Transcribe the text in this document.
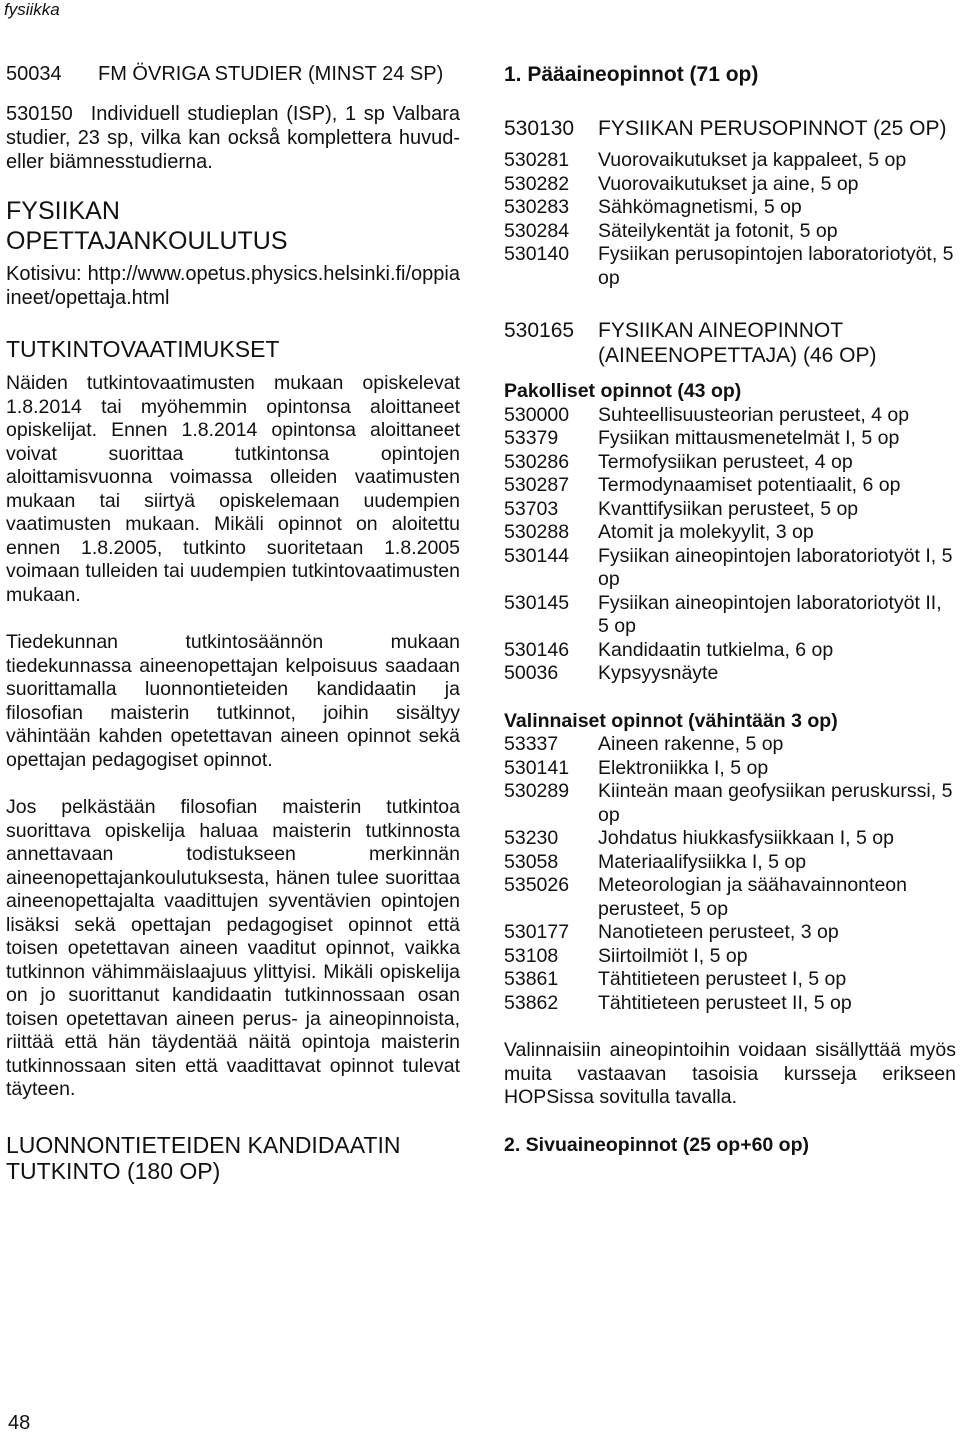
fysiikka
50034	FM ÖVRIGA STUDIER (MINST 24 SP)

530150 Individuell studieplan (ISP), 1 sp Valbara studier, 23 sp, vilka kan också komplettera huvud- eller biämnesstudierna.

FYSIIKAN OPETTAJANKOULUTUS

Kotisivu: http://www.opetus.physics.helsinki.fi/oppiaineet/opettaja.html

TUTKINTOVAATIMUKSET

Näiden tutkintovaatimusten mukaan opiskelevat 1.8.2014 tai myöhemmin opintonsa aloittaneet opiskelijat. Ennen 1.8.2014 opintonsa aloittaneet voivat suorittaa tutkintonsa opintojen aloittamisvuonna voimassa olleiden vaatimusten mukaan tai siirtyä opiskelemaan uudempien vaatimusten mukaan. Mikäli opinnot on aloitettu ennen 1.8.2005, tutkinto suoritetaan 1.8.2005 voimaan tulleiden tai uudempien tutkintovaatimusten mukaan.

Tiedekunnan tutkintosäännön mukaan tiedekunnassa aineenopettajan kelpoisuus saadaan suorittamalla luonnontieteiden kandidaatin ja filosofian maisterin tutkinnot, joihin sisältyy vähintään kahden opetettavan aineen opinnot sekä opettajan pedagogiset opinnot.

Jos pelkästään filosofian maisterin tutkintoa suorittava opiskelija haluaa maisterin tutkinnosta annettavaan todistukseen merkinnän aineenopettajankoulutuksesta, hänen tulee suorittaa aineenopettajalta vaadittujen syventävien opintojen lisäksi sekä opettajan pedagogiset opinnot että toisen opetettavan aineen vaaditut opinnot, vaikka tutkinnon vähimmäislaajuus ylittyisi. Mikäli opiskelija on jo suorittanut kandidaatin tutkinnossaan osan toisen opetettavan aineen perus- ja aineopinnoista, riittää että hän täydentää näitä opintoja maisterin tutkinnossaan siten että vaadittavat opinnot tulevat täyteen.

LUONNONTIETEIDEN KANDIDAATIN TUTKINTO (180 OP)
1. Pääaineopinnot (71 op)
530130	FYSIIKAN PERUSOPINNOT (25 OP)
530281	Vuorovaikutukset ja kappaleet, 5 op
530282	Vuorovaikutukset ja aine, 5 op
530283	Sähkömagnetismi, 5 op
530284	Säteilykentät ja fotonit, 5 op
530140	Fysiikan perusopintojen laboratoriotyöt, 5 op
530165	FYSIIKAN AINEOPINNOT (AINEENOPETTAJA) (46 OP)

Pakolliset opinnot (43 op)

530000	Suhteellisuusteorian perusteet, 4 op
53379	Fysiikan mittausmenetelmät I, 5 op
530286	Termofysiikan perusteet, 4 op
530287	Termodynaamiset potentiaalit, 6 op
53703	Kvanttifysiikan perusteet, 5 op
530288	Atomit ja molekyylit, 3 op
530144	Fysiikan aineopintojen laboratoriotyöt I, 5 op
530145	Fysiikan aineopintojen laboratoriotyöt II, 5 op
530146	Kandidaatin tutkielma, 6 op
50036	Kypsyysnäyte

Valinnaiset opinnot (vähintään 3 op)

53337	Aineen rakenne, 5 op
530141	Elektroniikka I, 5 op
530289	Kiinteän maan geofysiikan peruskurssi, 5 op
53230	Johdatus hiukkasfysiikkaan I, 5 op
53058	Materiaalifysiikka I, 5 op
535026	Meteorologian ja säähavainnonteon perusteet, 5 op
530177	Nanotieteen perusteet, 3 op
53108	Siirtoilmiöt I, 5 op
53861	Tähtitieteen perusteet I, 5 op
53862	Tähtitieteen perusteet II, 5 op

Valinnaisiin aineopintoihin voidaan sisällyttää myös muita vastaavan tasoisia kursseja erikseen HOPSissa sovitulla tavalla.

2. Sivuaineopinnot (25 op+60 op)

48
